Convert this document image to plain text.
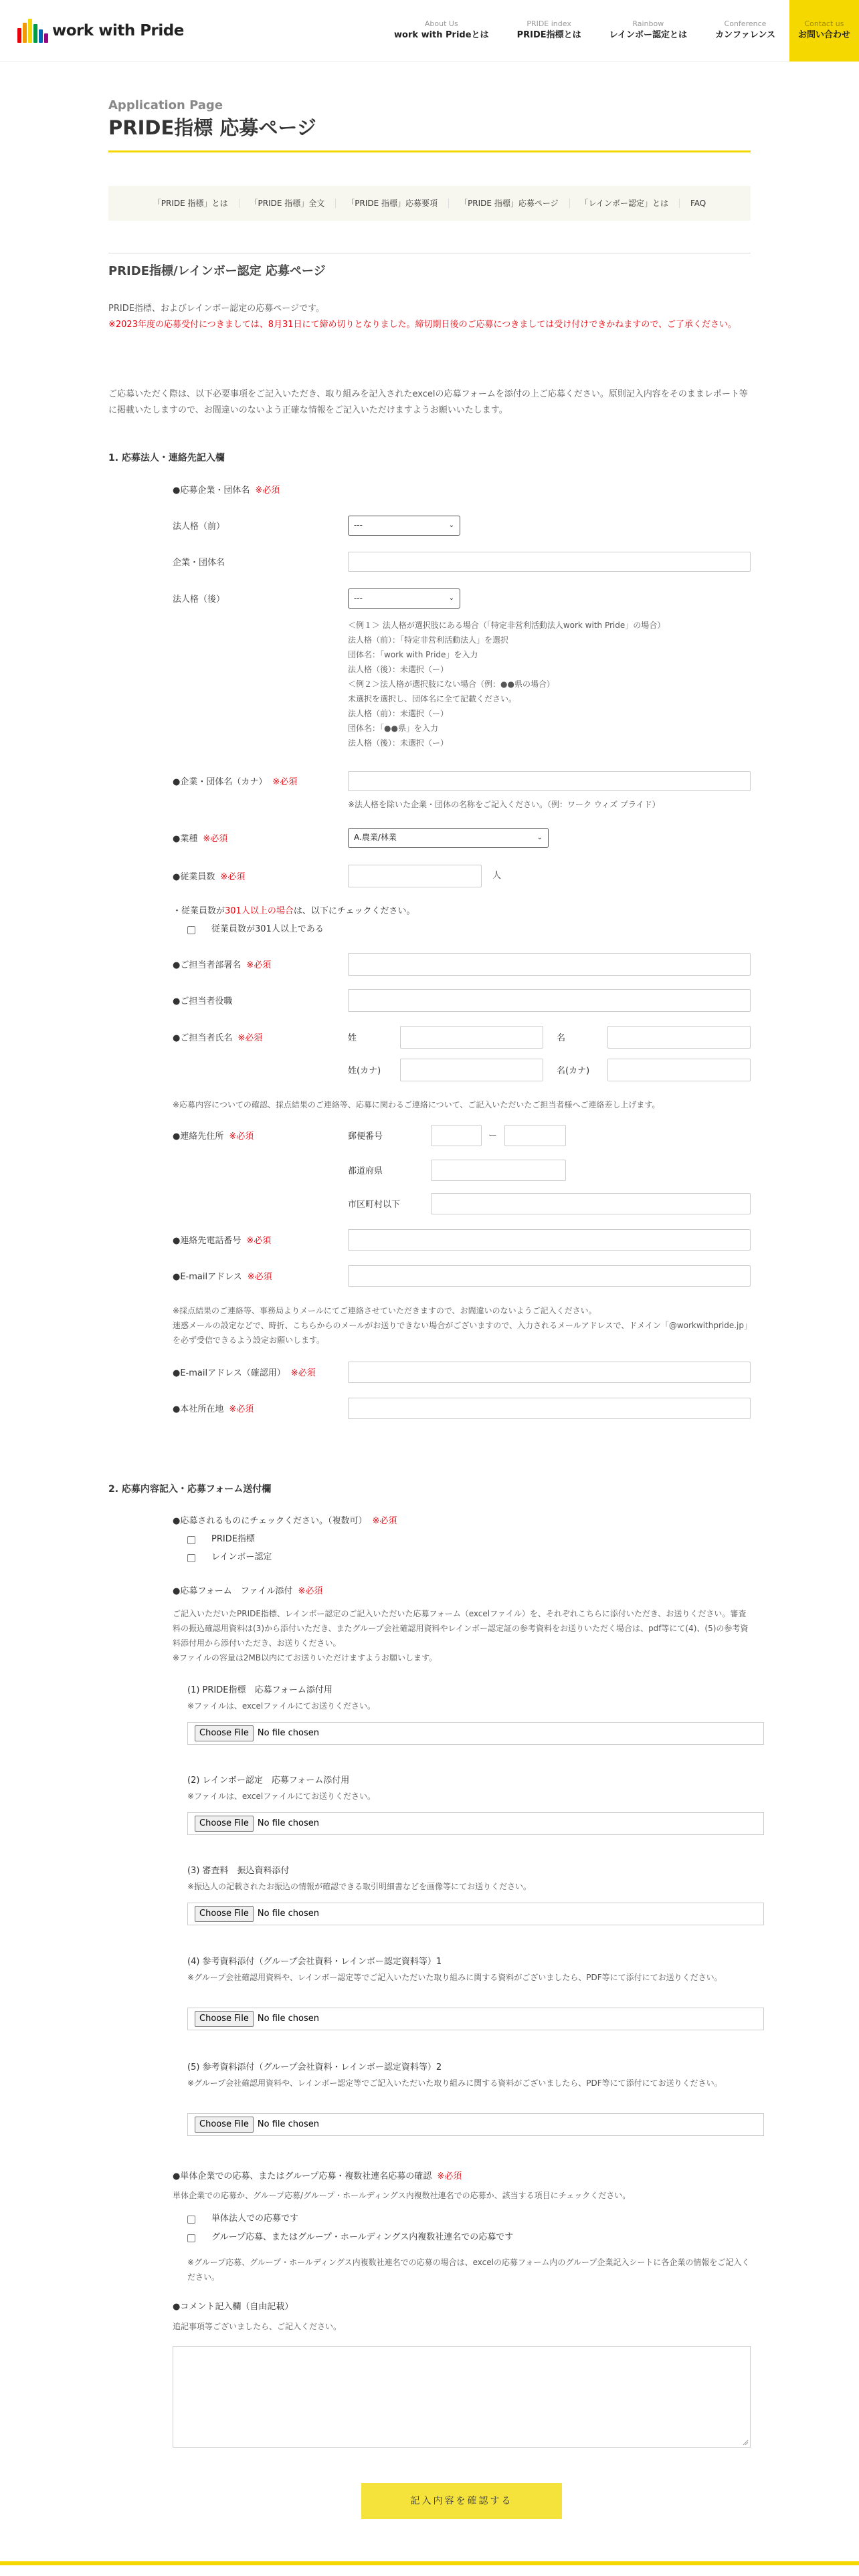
work with Pride	About Us
work with Prideとは
PRIDE index
PRIDE指標とは
Rainbow
レインボー認定とは
Conference
カンファレンス
Contact us
お問い合わせ
Application Page
PRIDE指標 応募ページ
「PRIDE 指標」とは	「PRIDE 指標」全文	「PRIDE 指標」応募要項	「PRIDE 指標」応募ページ	「レインボー認定」とは	FAQ
PRIDE指標/レインボー認定 応募ページ
PRIDE指標、およびレインボー認定の応募ページです。
※2023年度の応募受付につきましては、8月31日にて締め切りとなりました。締切期日後のご応募につきましては受け付けできかねますので、ご了承ください。
ご応募いただく際は、以下必要事項をご記入いただき、取り組みを記入されたexcelの応募フォームを添付の上ご応募ください。原則記入内容をそのままレポート等に掲載いたしますので、お間違いのないよう正確な情報をご記入いただけますようお願いいたします。
1. 応募法人・連絡先記入欄
●応募企業・団体名 ※必須
法人格（前）	---	⌄
企業・団体名
法人格（後）	---	⌄
＜例１＞ 法人格が選択肢にある場合（「特定非営利活動法人work with Pride」の場合）
法人格（前）：「特定非営利活動法人」を選択
団体名：「work with Pride」を入力
法人格（後）：未選択（ー）
＜例２＞法人格が選択肢にない場合（例：●●県の場合）
未選択を選択し、団体名に全て記載ください。
法人格（前）：未選択（ー）
団体名：「●●県」を入力
法人格（後）：未選択（ー）
●企業・団体名（カナ） ※必須
※法人格を除いた企業・団体の名称をご記入ください。（例：ワーク ウィズ プライド）
●業種 ※必須	A.農業/林業	⌄
●従業員数 ※必須	人
・従業員数が301人以上の場合は、以下にチェックください。
従業員数が301人以上である
●ご担当者部署名 ※必須
●ご担当者役職
●ご担当者氏名 ※必須	姓	名
姓(カナ)	名(カナ)
※応募内容についての確認、採点結果のご連絡等、応募に関わるご連絡について、ご記入いただいたご担当者様へご連絡差し上げます。
●連絡先住所 ※必須	郵便番号	ー
都道府県
市区町村以下
●連絡先電話番号 ※必須
●E-mailアドレス ※必須
※採点結果のご連絡等、事務局よりメールにてご連絡させていただきますので、お間違いのないようご記入ください。
迷惑メールの設定などで、時折、こちらからのメールがお送りできない場合がございますので、入力されるメールアドレスで、ドメイン「@workwithpride.jp」を必ず受信できるよう設定お願いします。
●E-mailアドレス（確認用） ※必須
●本社所在地 ※必須
2. 応募内容記入・応募フォーム送付欄
●応募されるものにチェックください。（複数可） ※必須
PRIDE指標
レインボー認定
●応募フォーム　ファイル添付 ※必須
ご記入いただいたPRIDE指標、レインボー認定のご記入いただいた応募フォーム（excelファイル）を、それぞれこちらに添付いただき、お送りください。審査料の振込確認用資料は(3)から添付いただき、またグループ会社確認用資料やレインボー認定証の参考資料をお送りいただく場合は、pdf等にて(4)、(5)の参考資料添付用から添付いただき、お送りください。
※ファイルの容量は2MB以内にてお送りいただけますようお願いします。
(1) PRIDE指標　応募フォーム添付用
※ファイルは、excelファイルにてお送りください。
Choose File	No file chosen
(2) レインボー認定　応募フォーム添付用
※ファイルは、excelファイルにてお送りください。
Choose File	No file chosen
(3) 審査料　振込資料添付
※振込人の記載されたお振込の情報が確認できる取引明細書などを画像等にてお送りください。
Choose File	No file chosen
(4) 参考資料添付（グループ会社資料・レインボー認定資料等）1
※グループ会社確認用資料や、レインボー認定等でご記入いただいた取り組みに関する資料がございましたら、PDF等にて添付にてお送りください。
Choose File	No file chosen
(5) 参考資料添付（グループ会社資料・レインボー認定資料等）2
※グループ会社確認用資料や、レインボー認定等でご記入いただいた取り組みに関する資料がございましたら、PDF等にて添付にてお送りください。
Choose File	No file chosen
●単体企業での応募、またはグループ応募・複数社連名応募の確認 ※必須
単体企業での応募か、グループ応募/グループ・ホールディングス内複数社連名での応募か、該当する項目にチェックください。
単体法人での応募です
グループ応募、またはグループ・ホールディングス内複数社連名での応募です
※グループ応募、グループ・ホールディングス内複数社連名での応募の場合は、excelの応募フォーム内のグループ企業記入シートに各企業の情報をご記入ください。
●コメント記入欄（自由記載）
追記事項等ございましたら、ご記入ください。
記入内容を確認する
